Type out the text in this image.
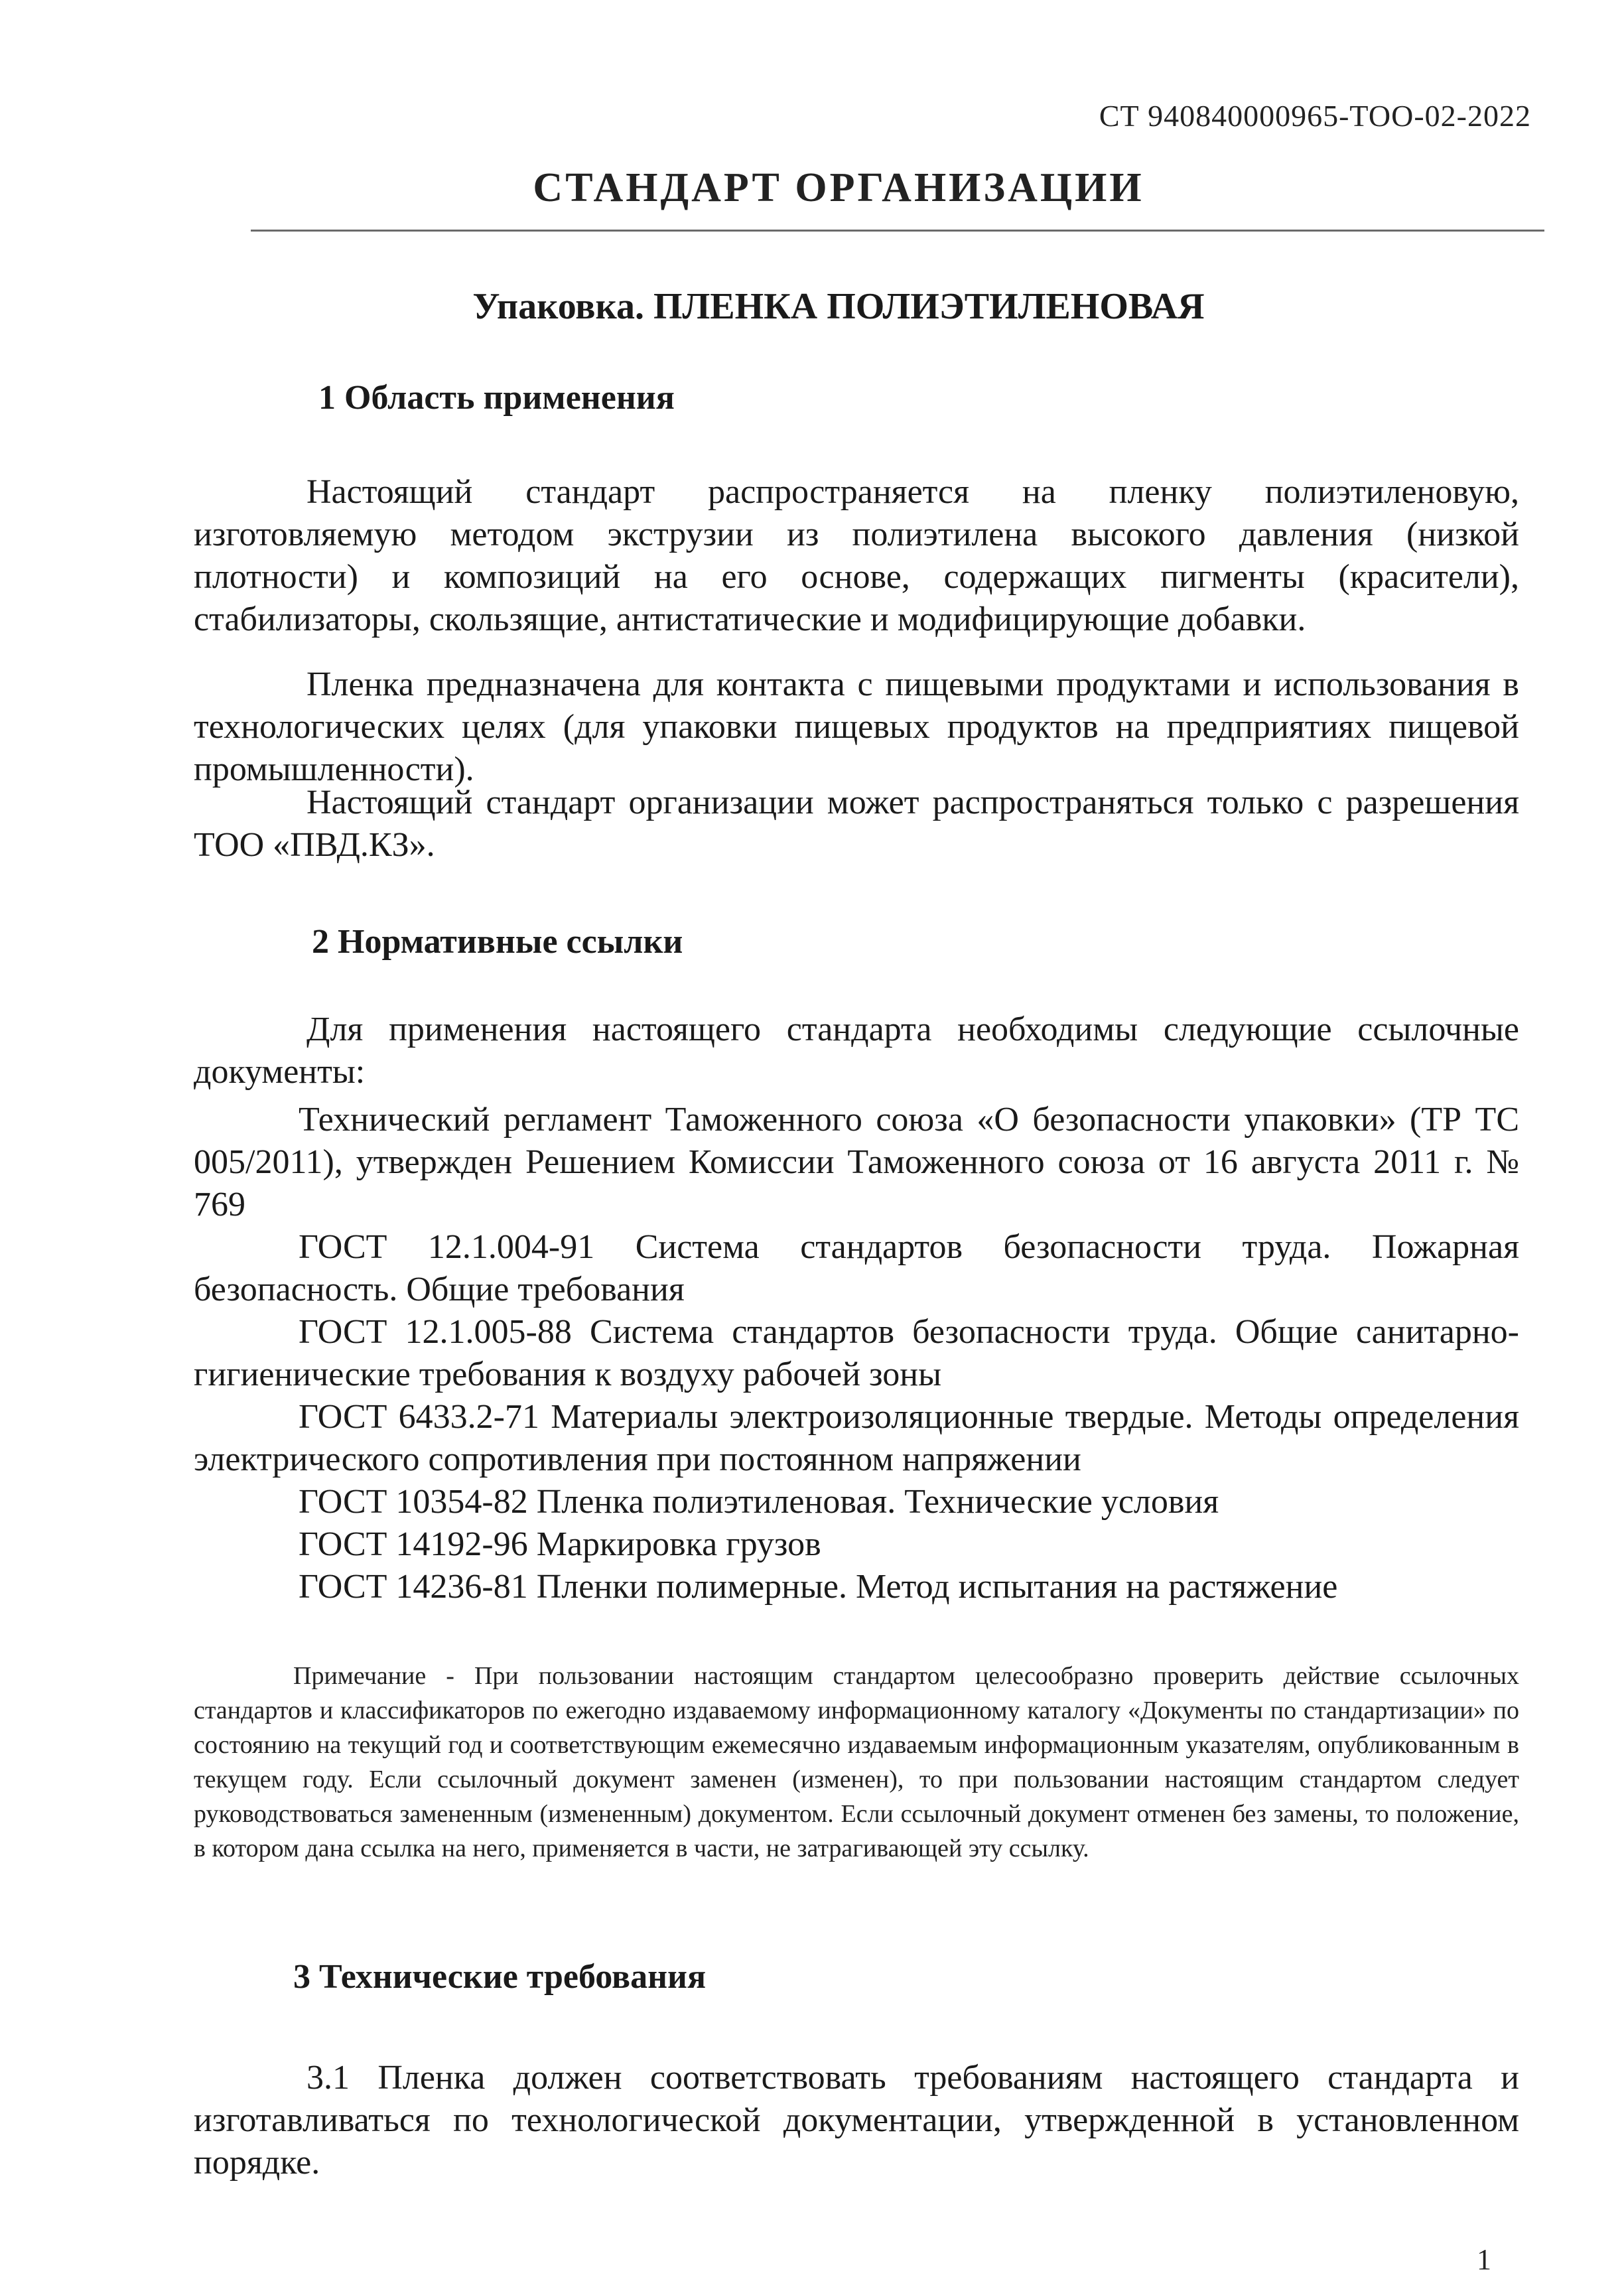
СТ 940840000965-ТОО-02-2022
СТАНДАРТ ОРГАНИЗАЦИИ
Упаковка. ПЛЕНКА ПОЛИЭТИЛЕНОВАЯ
1 Область применения
Настоящий стандарт распространяется на пленку полиэтиленовую, изготовляемую методом экструзии из полиэтилена высокого давления (низкой плотности) и композиций на его основе, содержащих пигменты (красители), стабилизаторы, скользящие, антистатические и модифицирующие добавки.
Пленка предназначена для контакта с пищевыми продуктами и использования в технологических целях (для упаковки пищевых продуктов на предприятиях пищевой промышленности).
Настоящий стандарт организации может распространяться только с разрешения ТОО «ПВД.КЗ».
2 Нормативные ссылки
Для применения настоящего стандарта необходимы следующие ссылочные документы:
Технический регламент Таможенного союза «О безопасности упаковки» (ТР ТС 005/2011), утвержден Решением Комиссии Таможенного союза от 16 августа 2011 г. № 769
ГОСТ 12.1.004-91 Система стандартов безопасности труда. Пожарная безопасность. Общие требования
ГОСТ 12.1.005-88 Система стандартов безопасности труда. Общие санитарно-гигиенические требования к воздуху рабочей зоны
ГОСТ 6433.2-71 Материалы электроизоляционные твердые. Методы определения электрического сопротивления при постоянном напряжении
ГОСТ 10354-82 Пленка полиэтиленовая. Технические условия
ГОСТ 14192-96 Маркировка грузов
ГОСТ 14236-81 Пленки полимерные. Метод испытания на растяжение
Примечание - При пользовании настоящим стандартом целесообразно проверить действие ссылочных стандартов и классификаторов по ежегодно издаваемому информационному каталогу «Документы по стандартизации» по состоянию на текущий год и соответствующим ежемесячно издаваемым информационным указателям, опубликованным в текущем году. Если ссылочный документ заменен (изменен), то при пользовании настоящим стандартом следует руководствоваться замененным (измененным) документом. Если ссылочный документ отменен без замены, то положение, в котором дана ссылка на него, применяется в части, не затрагивающей эту ссылку.
3 Технические требования
3.1 Пленка должен соответствовать требованиям настоящего стандарта и изготавливаться по технологической документации, утвержденной в установленном порядке.
1
